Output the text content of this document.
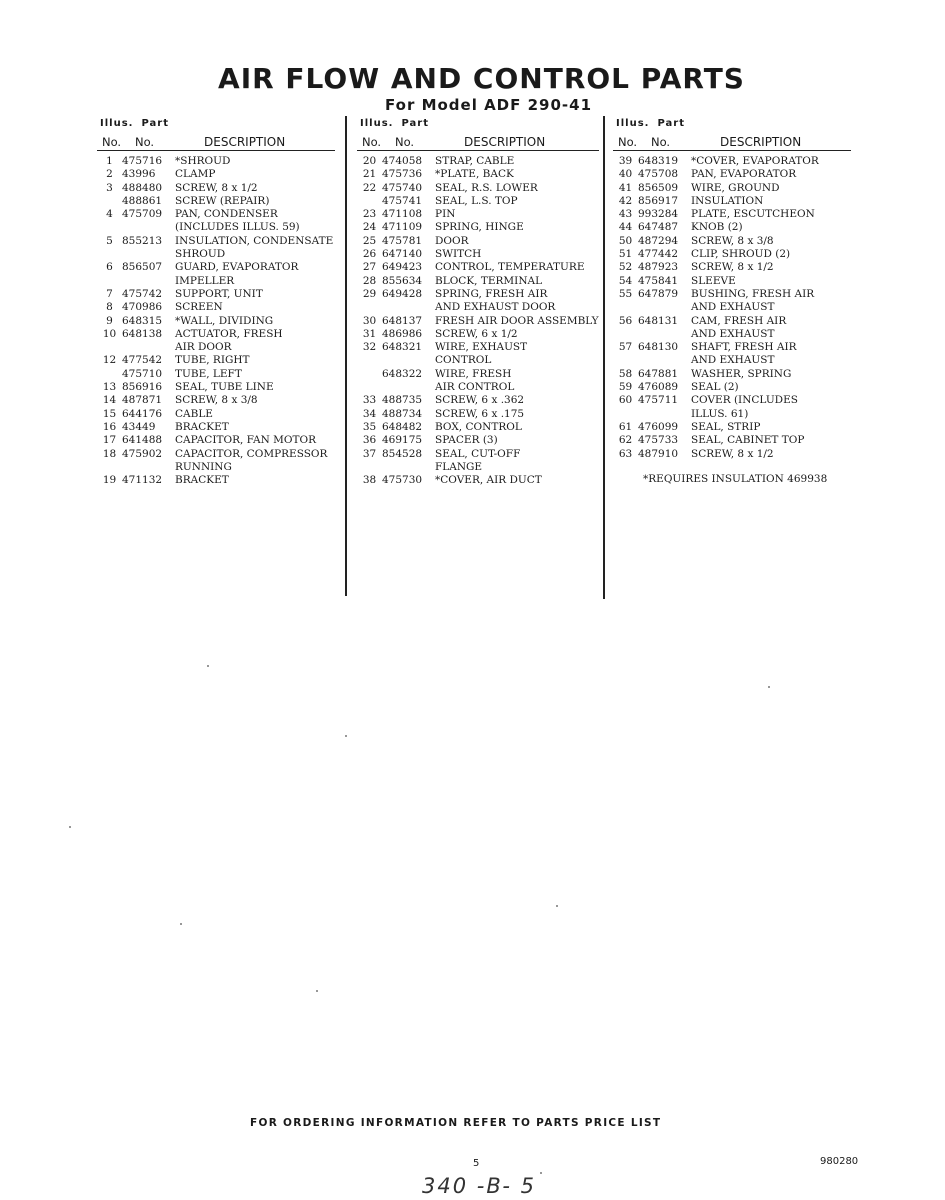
AIR FLOW AND CONTROL PARTS
For Model ADF 290-41
Illus. Part
No. No.	DESCRIPTION
1 475716	*SHROUD
2 43996	CLAMP
3 488480	SCREW, 8 x 1/2
488861	SCREW (REPAIR)
4 475709	PAN, CONDENSER
(INCLUDES ILLUS. 59)
5 855213	INSULATION, CONDENSATE
SHROUD
6 856507	GUARD, EVAPORATOR
IMPELLER
7 475742	SUPPORT, UNIT
8 470986	SCREEN
9 648315	*WALL, DIVIDING
10 648138	ACTUATOR, FRESH
AIR DOOR
12 477542	TUBE, RIGHT
475710	TUBE, LEFT
13 856916	SEAL, TUBE LINE
14 487871	SCREW, 8 x 3/8
15 644176	CABLE
16 43449	BRACKET
17 641488	CAPACITOR, FAN MOTOR
18 475902	CAPACITOR, COMPRESSOR
RUNNING
19 471132	BRACKET
Illus. Part
No. No.	DESCRIPTION
20 474058	STRAP, CABLE
21 475736	*PLATE, BACK
22 475740	SEAL, R.S. LOWER
475741	SEAL, L.S. TOP
23 471108	PIN
24 471109	SPRING, HINGE
25 475781	DOOR
26 647140	SWITCH
27 649423	CONTROL, TEMPERATURE
28 855634	BLOCK, TERMINAL
29 649428	SPRING, FRESH AIR
AND EXHAUST DOOR
30 648137	FRESH AIR DOOR ASSEMBLY
31 486986	SCREW, 6 x 1/2
32 648321	WIRE, EXHAUST
CONTROL
648322	WIRE, FRESH
AIR CONTROL
33 488735	SCREW, 6 x .362
34 488734	SCREW, 6 x .175
35 648482	BOX, CONTROL
36 469175	SPACER (3)
37 854528	SEAL, CUT-OFF
FLANGE
38 475730	*COVER, AIR DUCT
Illus. Part
No. No.	DESCRIPTION
39 648319	*COVER, EVAPORATOR
40 475708	PAN, EVAPORATOR
41 856509	WIRE, GROUND
42 856917	INSULATION
43 993284	PLATE, ESCUTCHEON
44 647487	KNOB (2)
50 487294	SCREW, 8 x 3/8
51 477442	CLIP, SHROUD (2)
52 487923	SCREW, 8 x 1/2
54 475841	SLEEVE
55 647879	BUSHING, FRESH AIR
AND EXHAUST
56 648131	CAM, FRESH AIR
AND EXHAUST
57 648130	SHAFT, FRESH AIR
AND EXHAUST
58 647881	WASHER, SPRING
59 476089	SEAL (2)
60 475711	COVER (INCLUDES
ILLUS. 61)
61 476099	SEAL, STRIP
62 475733	SEAL, CABINET TOP
63 487910	SCREW, 8 x 1/2
*REQUIRES INSULATION 469938
FOR ORDERING INFORMATION REFER TO PARTS PRICE LIST
5	980280
340 -B- 5
